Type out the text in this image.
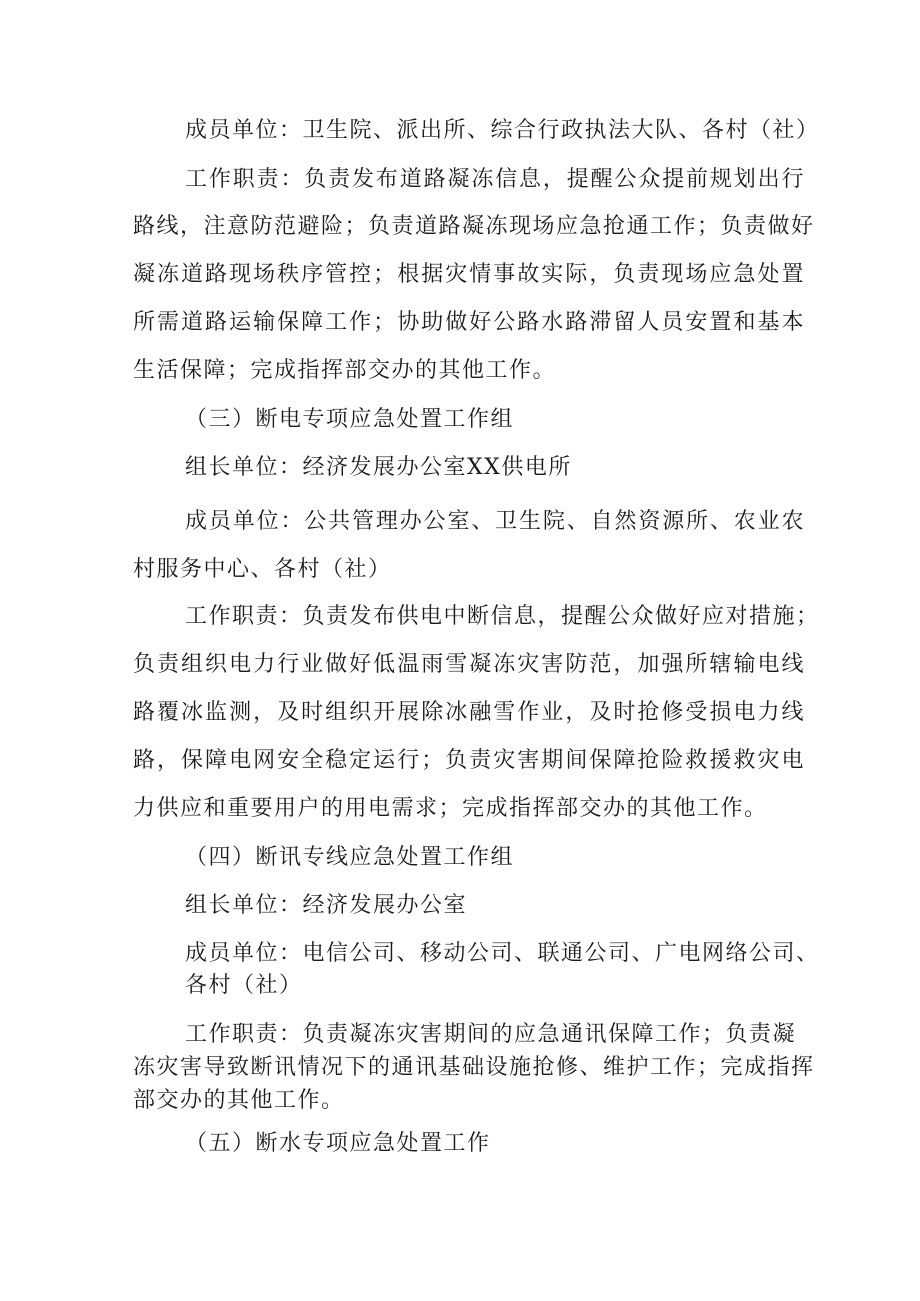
成员单位：卫生院、派出所、综合行政执法大队、各村（社）
工作职责：负责发布道路凝冻信息，提醒公众提前规划出行
路线，注意防范避险；负责道路凝冻现场应急抢通工作；负责做好
凝冻道路现场秩序管控；根据灾情事故实际，负责现场应急处置
所需道路运输保障工作；协助做好公路水路滞留人员安置和基本
生活保障；完成指挥部交办的其他工作。
（三）断电专项应急处置工作组
组长单位：经济发展办公室XX供电所
成员单位：公共管理办公室、卫生院、自然资源所、农业农
村服务中心、各村（社）
工作职责：负责发布供电中断信息，提醒公众做好应对措施；
负责组织电力行业做好低温雨雪凝冻灾害防范，加强所辖输电线
路覆冰监测，及时组织开展除冰融雪作业，及时抢修受损电力线
路，保障电网安全稳定运行；负责灾害期间保障抢险救援救灾电
力供应和重要用户的用电需求；完成指挥部交办的其他工作。
（四）断讯专线应急处置工作组
组长单位：经济发展办公室
成员单位：电信公司、移动公司、联通公司、广电网络公司、
各村（社）
工作职责：负责凝冻灾害期间的应急通讯保障工作；负责凝
冻灾害导致断讯情况下的通讯基础设施抢修、维护工作；完成指挥
部交办的其他工作。
（五）断水专项应急处置工作
